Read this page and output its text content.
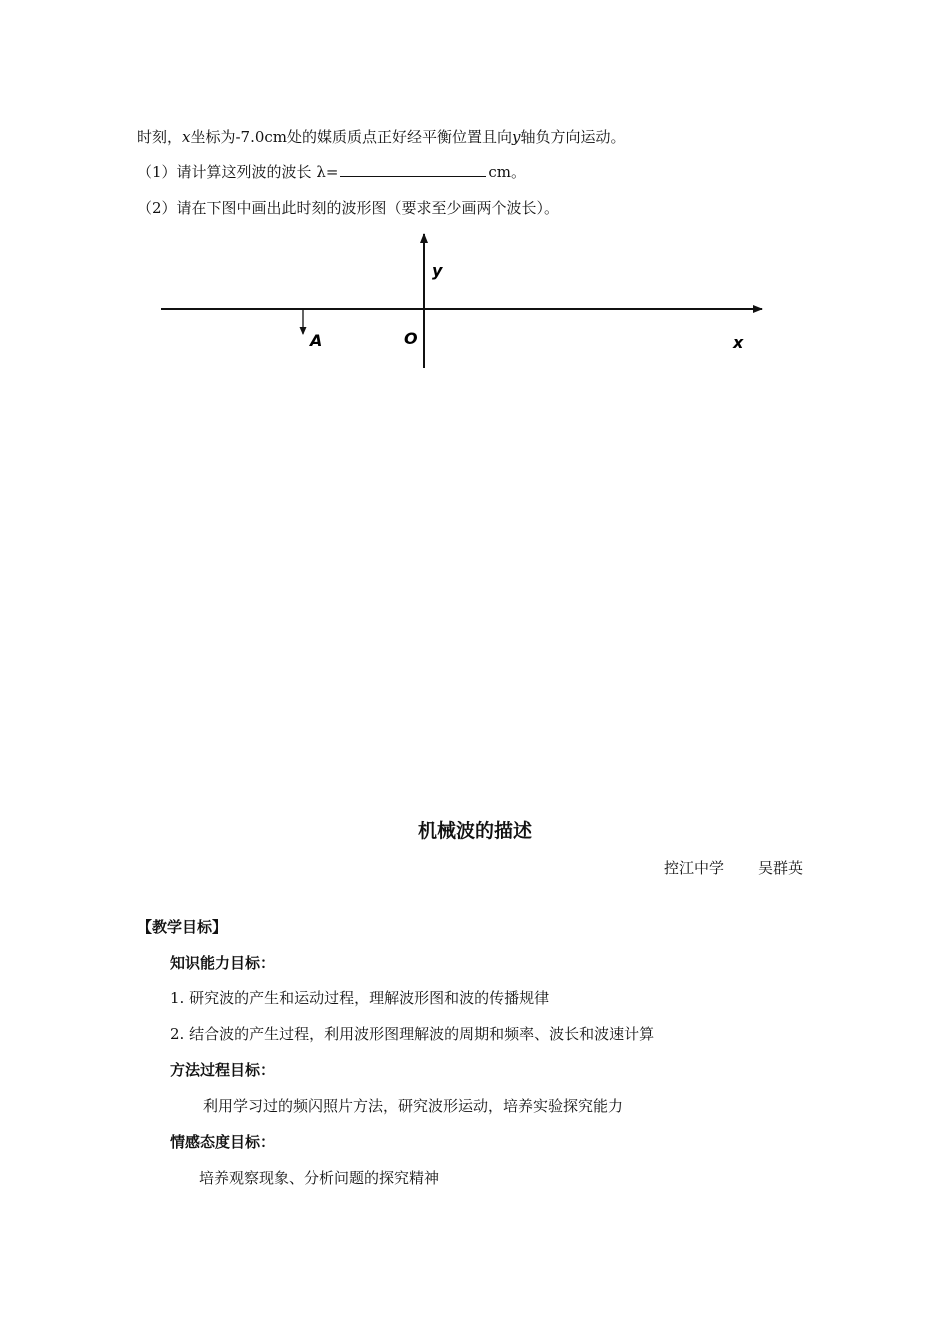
时刻，x坐标为-7.0cm处的媒质质点正好经平衡位置且向y轴负方向运动。
（1）请计算这列波的波长 λ=	cm。
（2）请在下图中画出此时刻的波形图（要求至少画两个波长）。
y
x
O
A
机械波的描述
控江中学 吴群英
【教学目标】
知识能力目标：
1. 研究波的产生和运动过程，理解波形图和波的传播规律
2. 结合波的产生过程，利用波形图理解波的周期和频率、波长和波速计算
方法过程目标：
利用学习过的频闪照片方法，研究波形运动，培养实验探究能力
情感态度目标：
培养观察现象、分析问题的探究精神
